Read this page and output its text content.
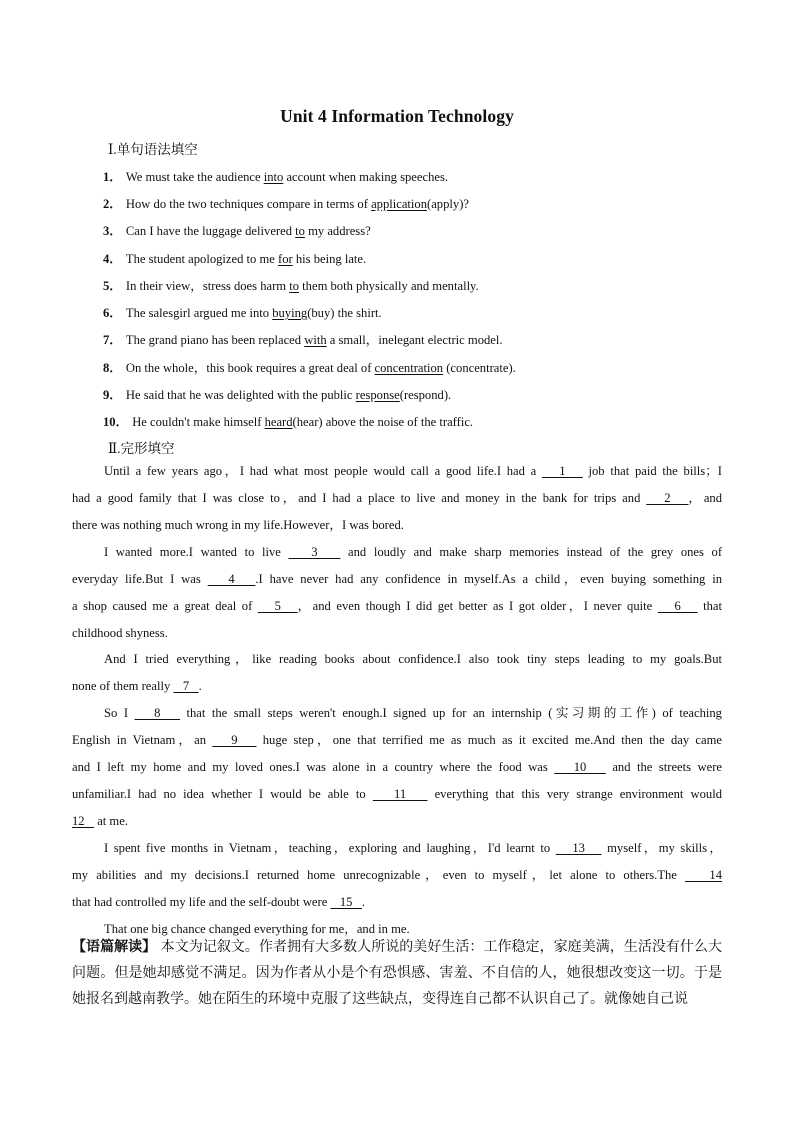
Unit 4 Information Technology
Ⅰ.单句语法填空
1． We must take the audience into account when making speeches.
2． How do the two techniques compare in terms of application(apply)?
3． Can I have the luggage delivered to my address?
4． The student apologized to me for his being late.
5． In their view，stress does harm to them both physically and mentally.
6． The salesgirl argued me into buying(buy) the shirt.
7． The grand piano has been replaced with a small，inelegant electric model.
8． On the whole，this book requires a great deal of concentration (concentrate).
9． He said that he was delighted with the public response(respond).
10． He couldn't make himself heard(hear) above the noise of the traffic.
Ⅱ.完形填空
Until a few years ago，I had what most people would call a good life.I had a    1    job that paid the bills；I
had a good family that I was close to，and I had a place to live and money in the bank for trips and    2   ，and
there was nothing much wrong in my life.However，I was bored.
I wanted more.I wanted to live    3    and loudly and make sharp memories instead of the grey ones of
everyday life.But I was    4   .I have never had any confidence in myself.As a child，even buying something in
a shop caused me a great deal of    5   ，and even though I did get better as I got older，I never quite    6    that
childhood shyness.
And I tried everything，like reading books about confidence.I also took tiny steps leading to my goals.But
none of them really    7   .
So I    8    that the small steps weren't enough.I signed up for an internship (实习期的工作) of teaching
English in Vietnam，an    9    huge step，one that terrified me as much as it excited me.And then the day came
and I left my home and my loved ones.I was alone in a country where the food was    10    and the streets were
unfamiliar.I had no idea whether I would be able to    11    everything that this very strange environment would
12    at me.
I spent five months in Vietnam，teaching，exploring and laughing，I'd learnt to    13    myself，my skills，
my abilities and my decisions.I returned home unrecognizable，even to myself，let alone to others.The    14
that had controlled my life and the self-doubt were    15   .
That one big chance changed everything for me，and in me.
【语篇解读】 本文为记叙文。作者拥有大多数人所说的美好生活：工作稳定，家庭美满，生活没有什么大问题。但是她却感觉不满足。因为作者从小是个有恐惧感、害羞、不自信的人，她很想改变这一切。于是她报名到越南教学。她在陌生的环境中克服了这些缺点，变得连自己都不认识自己了。就像她自己说
